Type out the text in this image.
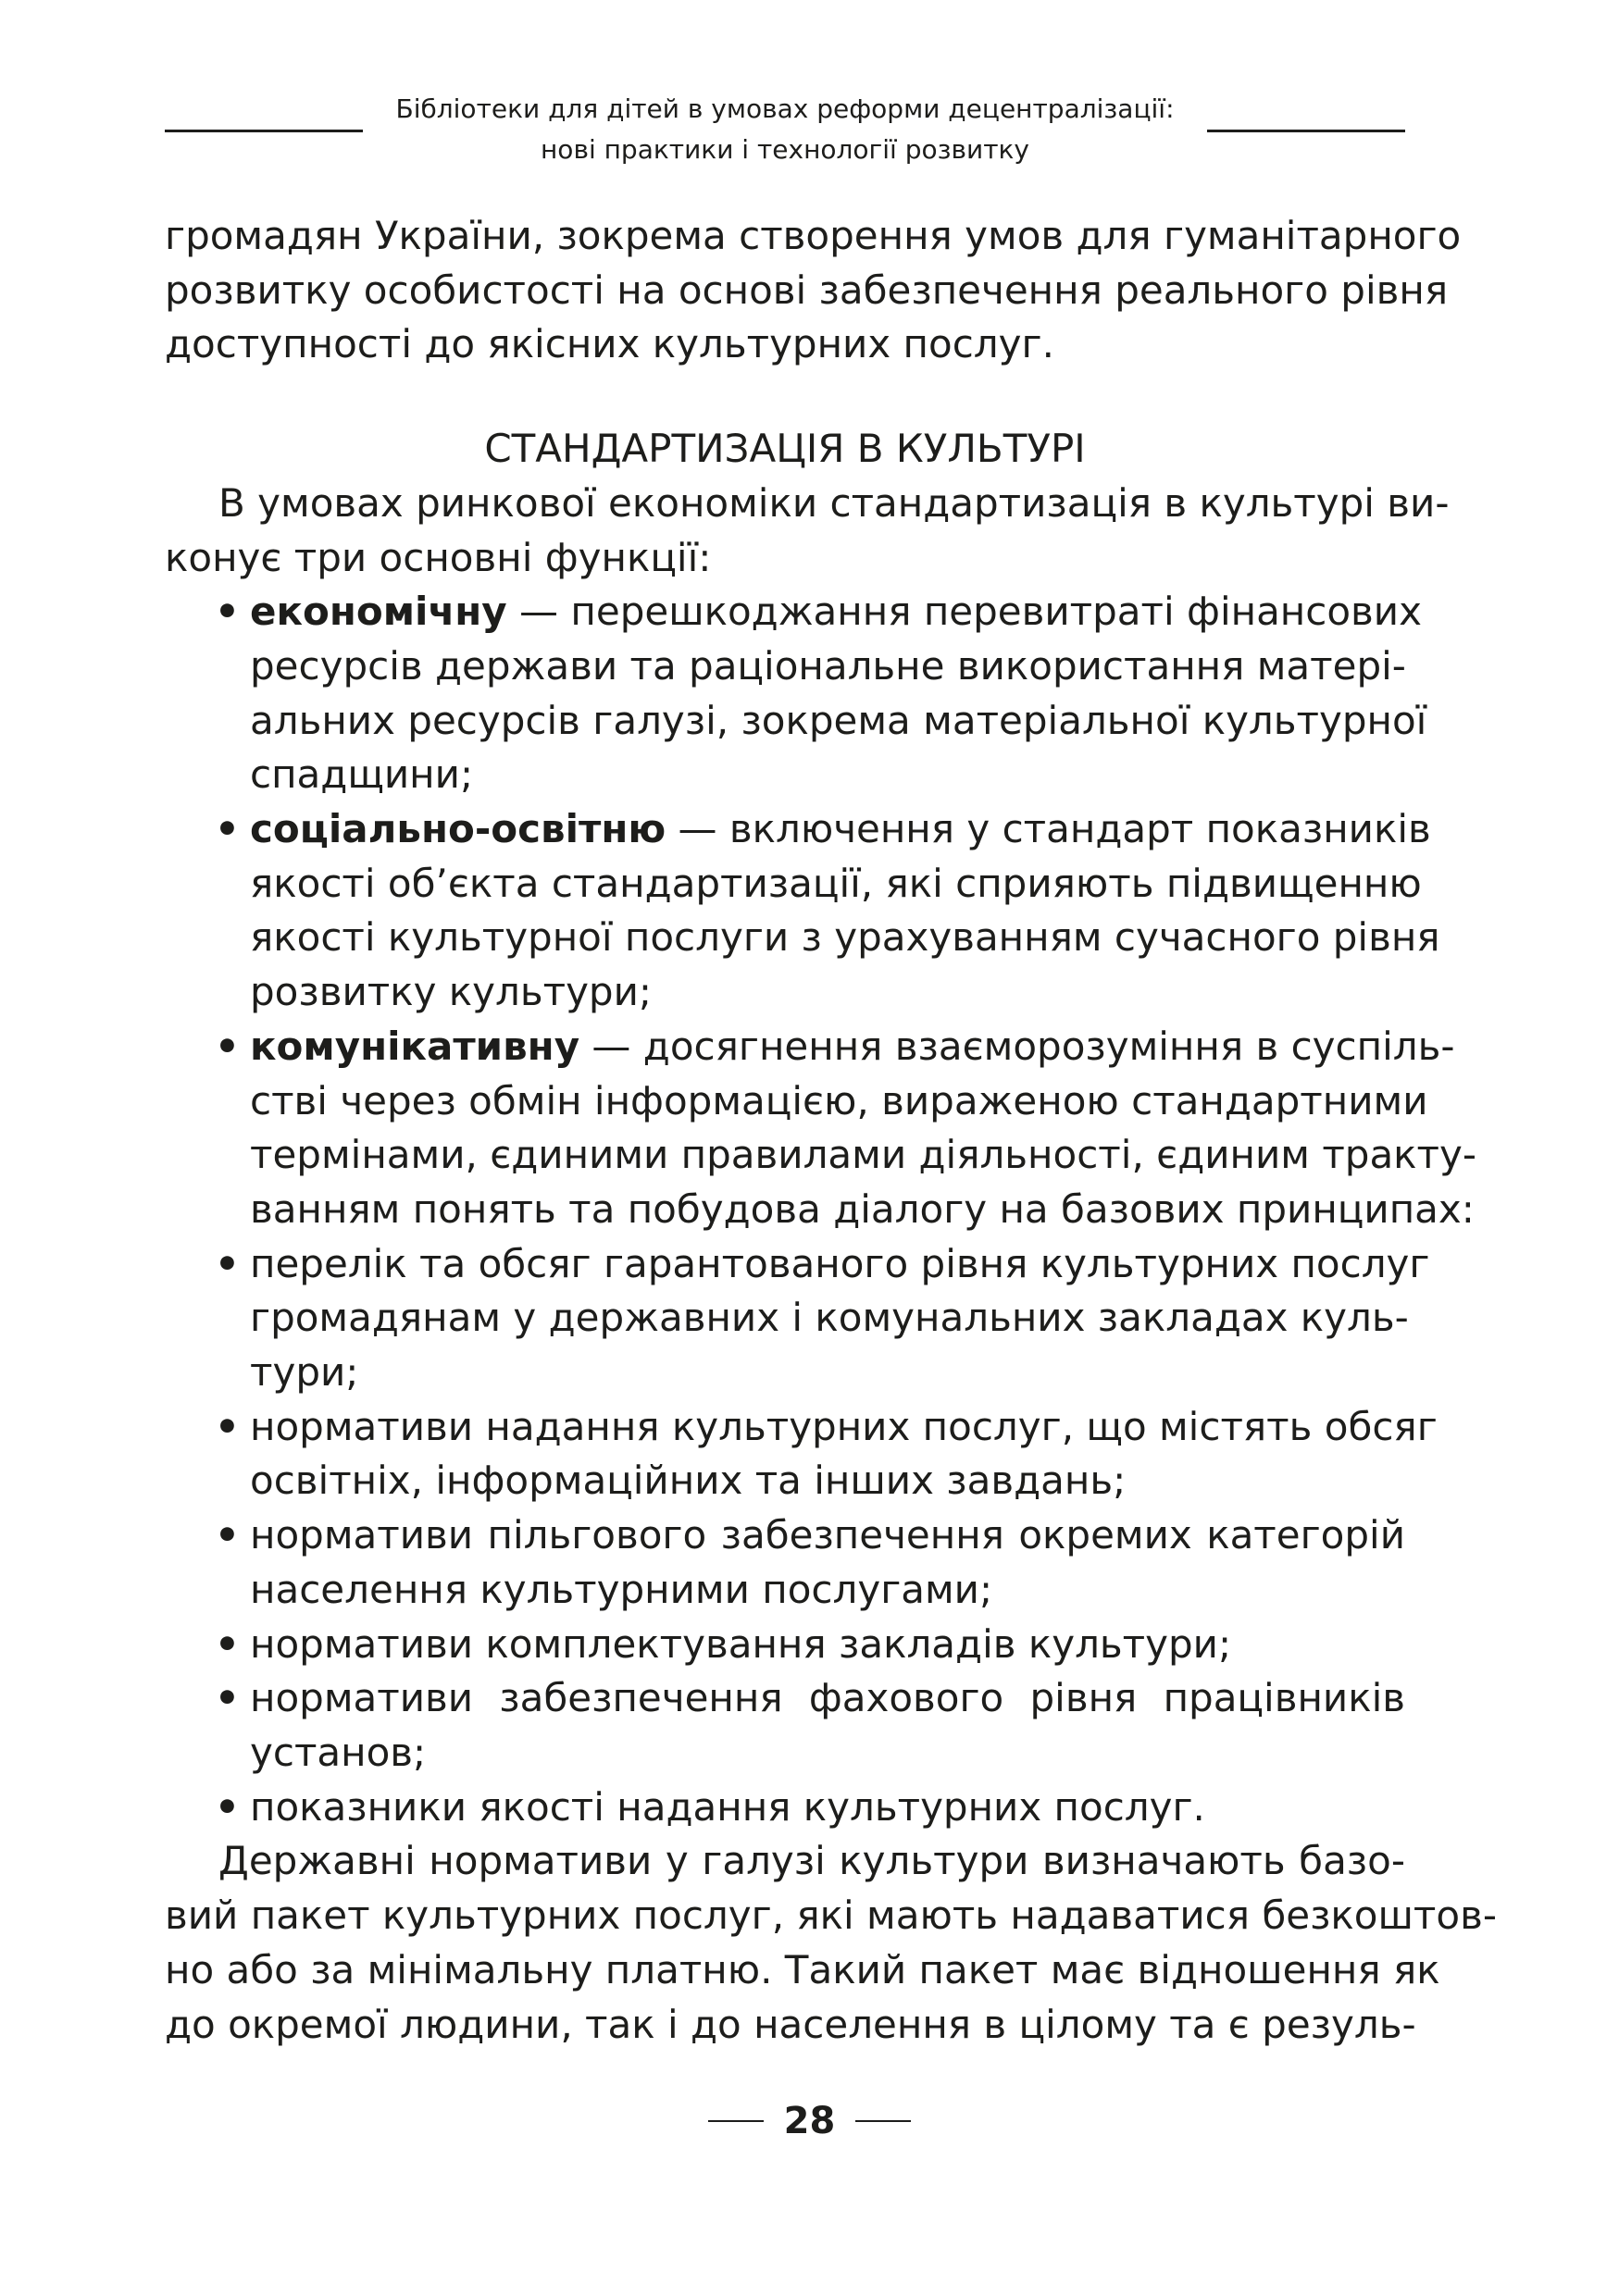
Бібліотеки для дітей в умовах реформи децентралізації:
нові практики і технології розвитку
громадян України, зокрема створення умов для гуманітарного
розвитку особистості на основі забезпечення реального рівня
доступності до якісних культурних послуг.
СТАНДАРТИЗАЦІЯ В КУЛЬТУРІ
В умовах ринкової економіки стандартизація в культурі ви-
конує три основні функції:
• економічну — перешкоджання перевитраті фінансових
ресурсів держави та раціональне використання матері-
альних ресурсів галузі, зокрема матеріальної культурної
спадщини;
• соціально-освітню — включення у стандарт показників
якості об’єкта стандартизації, які сприяють підвищенню
якості культурної послуги з урахуванням сучасного рівня
розвитку культури;
• комунікативну — досягнення взаєморозуміння в суспіль-
стві через обмін інформацією, вираженою стандартними
термінами, єдиними правилами діяльності, єдиним тракту-
ванням понять та побудова діалогу на базових принципах:
• перелік та обсяг гарантованого рівня культурних послуг
громадянам у державних і комунальних закладах куль-
тури;
• нормативи надання культурних послуг, що містять обсяг
освітніх, інформаційних та інших завдань;
• нормативи пільгового забезпечення окремих категорій
населення культурними послугами;
• нормативи комплектування закладів культури;
• нормативи забезпечення фахового рівня працівників
установ;
• показники якості надання культурних послуг.
Державні нормативи у галузі культури визначають базо-
вий пакет культурних послуг, які мають надаватися безкоштов-
но або за мінімальну платню. Такий пакет має відношення як
до окремої людини, так і до населення в цілому та є резуль-
28
